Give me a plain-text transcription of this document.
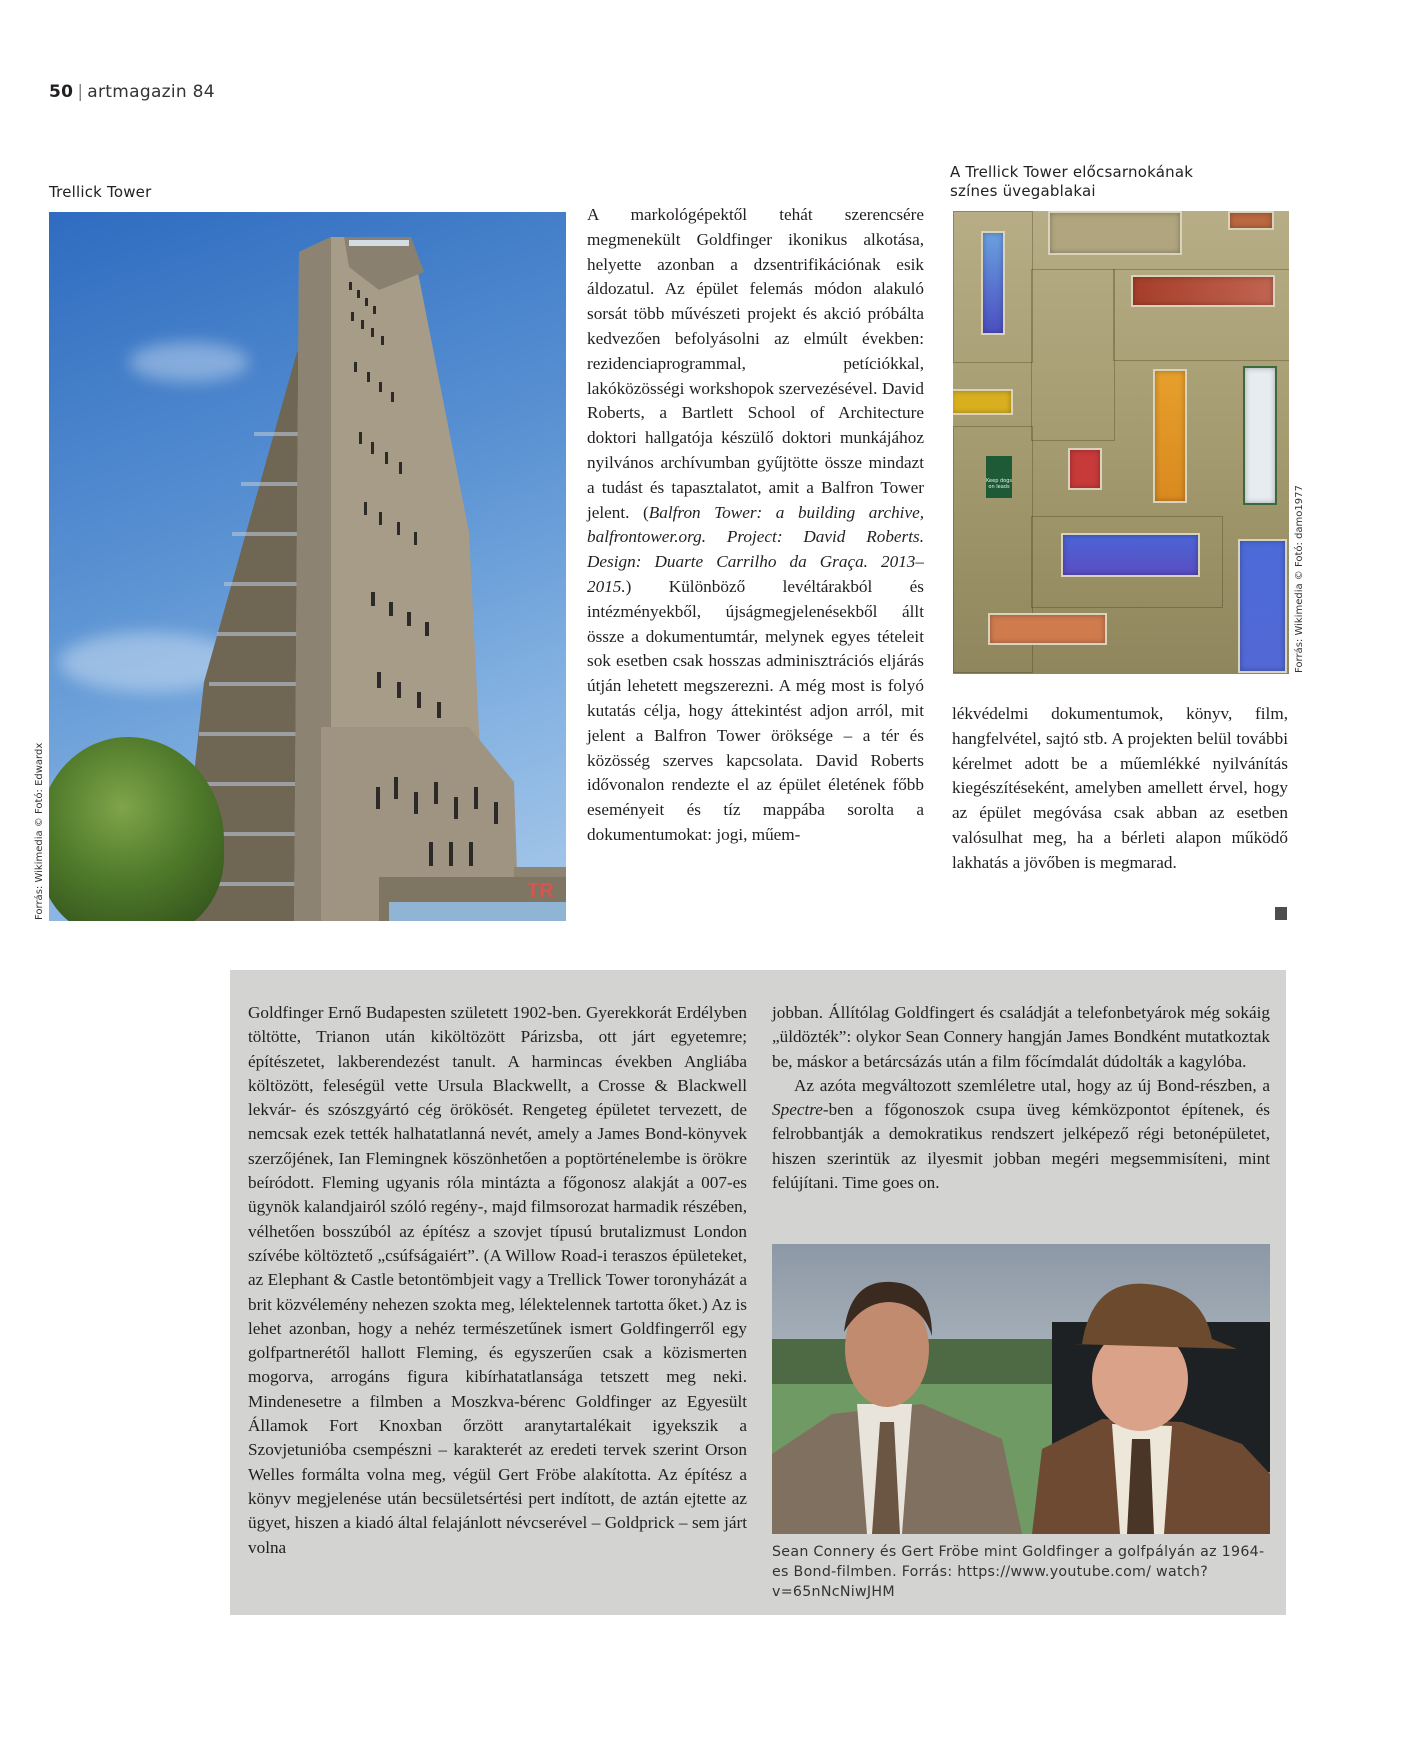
50 | artmagazin 84
Trellick Tower
TR
Forrás: Wikimedia © Fotó: Edwardx

A markológépektől tehát szerencsére megmenekült Goldfinger ikonikus alkotása, helyette azonban a dzsentrifikációnak esik áldozatul. Az épület felemás módon alakuló sorsát több művészeti projekt és akció próbálta kedvezően befolyásolni az elmúlt években: rezidenciaprogrammal, petíciókkal, lakóközösségi workshopok szervezésével. David Roberts, a Bartlett School of Architecture doktori hallgatója készülő doktori munkájához nyilvános archívumban gyűjtötte össze mindazt a tudást és tapasztalatot, amit a Balfron Tower jelent. (Balfron Tower: a building archive, balfrontower.org. Project: David Roberts. Design: Duarte Carrilho da Graça. 2013–2015.) Különböző levéltárakból és intézményekből, újságmegjelenésekből állt össze a dokumentumtár, melynek egyes tételeit sok esetben csak hosszas adminisztrációs eljárás útján lehetett megszerezni. A még most is folyó kutatás célja, hogy áttekintést adjon arról, mit jelent a Balfron Tower öröksége – a tér és közösség szerves kapcsolata. David Roberts idővonalon rendezte el az épület életének főbb eseményeit és tíz mappába sorolta a dokumentumokat: jogi, műem-

A Trellick Tower előcsarnokának
színes üvegablakai
Keep dogs on leads	Forrás: Wikimedia © Fotó: damo1977

lékvédelmi dokumentumok, könyv, film, hangfelvétel, sajtó stb. A projekten belül további kérelmet adott be a műemlékké nyilvánítás kiegészítéseként, amelyben amellett érvel, hogy az épület megóvása csak abban az esetben valósulhat meg, ha a bérleti alapon működő lakhatás a jövőben is megmarad.

Goldfinger Ernő Budapesten született 1902-ben. Gyerekkorát Erdélyben töltötte, Trianon után kiköltözött Párizsba, ott járt egyetemre; építészetet, lakberendezést tanult. A harmincas években Angliába költözött, feleségül vette Ursula Blackwellt, a Crosse & Blackwell lekvár- és szószgyártó cég örökösét. Rengeteg épületet tervezett, de nemcsak ezek tették halhatatlanná nevét, amely a James Bond-könyvek szerzőjének, Ian Flemingnek köszönhetően a poptörténelembe is örökre beíródott. Fleming ugyanis róla mintázta a főgonosz alakját a 007-es ügynök kalandjairól szóló regény-, majd filmsorozat harmadik részében, vélhetően bosszúból az építész a szovjet típusú brutalizmust London szívébe költöztető „csúfságaiért”. (A Willow Road-i teraszos épületeket, az Elephant & Castle betontömbjeit vagy a Trellick Tower toronyházát a brit közvélemény nehezen szokta meg, lélektelennek tartotta őket.) Az is lehet azonban, hogy a nehéz természetűnek ismert Goldfingerről egy golfpartnerétől hallott Fleming, és egyszerűen csak a közismerten mogorva, arrogáns figura kibírhatatlansága tetszett meg neki. Mindenesetre a filmben a Moszkva-bérenc Goldfinger az Egyesült Államok Fort Knoxban őrzött aranytartalékait igyekszik a Szovjetunióba csempészni – karakterét az eredeti tervek szerint Orson Welles formálta volna meg, végül Gert Fröbe alakította. Az építész a könyv megjelenése után becsületsértési pert indított, de aztán ejtette az ügyet, hiszen a kiadó által felajánlott névcserével – Goldprick – sem járt volna

jobban. Állítólag Goldfingert és családját a telefonbetyárok még sokáig „üldözték”: olykor Sean Connery hangján James Bondként mutatkoztak be, máskor a betárcsázás után a film főcímdalát dúdolták a kagylóba.

Az azóta megváltozott szemléletre utal, hogy az új Bond-részben, a Spectre-ben a főgonoszok csupa üveg kémközpontot építenek, és felrobbantják a demokratikus rendszert jelképező régi betonépületet, hiszen szerintük az ilyesmit jobban megéri megsemmisíteni, mint felújítani. Time goes on.

Sean Connery és Gert Fröbe mint Goldfinger a golfpályán az 1964-es Bond-filmben. Forrás: https://www.youtube.com/ watch?v=65nNcNiwJHM
